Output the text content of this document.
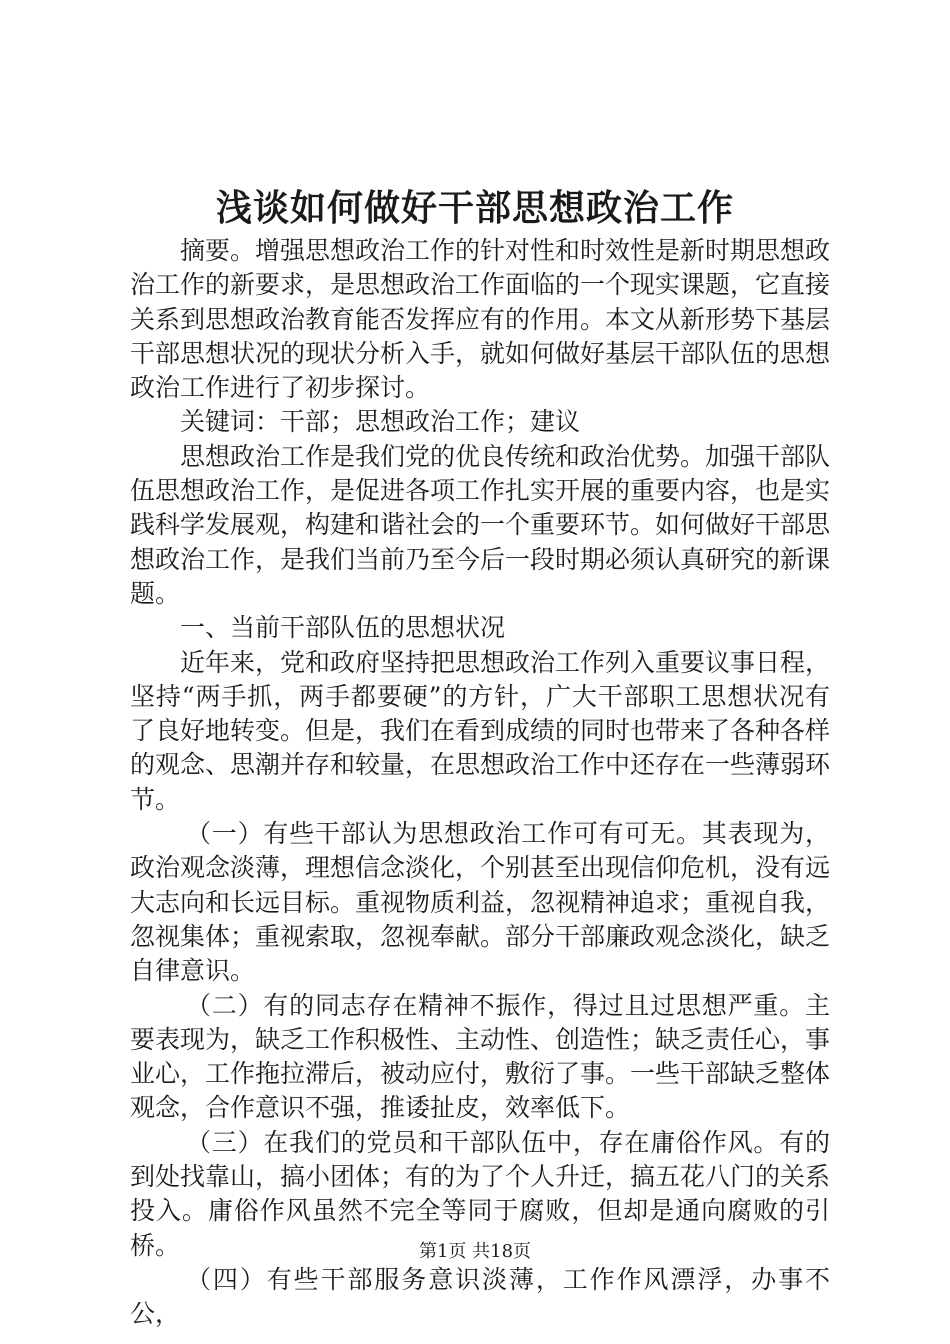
浅谈如何做好干部思想政治工作

摘要。增强思想政治工作的针对性和时效性是新时期思想政治工作的新要求，是思想政治工作面临的一个现实课题，它直接关系到思想政治教育能否发挥应有的作用。本文从新形势下基层干部思想状况的现状分析入手，就如何做好基层干部队伍的思想政治工作进行了初步探讨。

关键词：干部；思想政治工作；建议

思想政治工作是我们党的优良传统和政治优势。加强干部队伍思想政治工作，是促进各项工作扎实开展的重要内容，也是实践科学发展观，构建和谐社会的一个重要环节。如何做好干部思想政治工作，是我们当前乃至今后一段时期必须认真研究的新课题。

一、当前干部队伍的思想状况

近年来，党和政府坚持把思想政治工作列入重要议事日程，坚持“两手抓，两手都要硬”的方针，广大干部职工思想状况有了良好地转变。但是，我们在看到成绩的同时也带来了各种各样的观念、思潮并存和较量，在思想政治工作中还存在一些薄弱环节。

（一）有些干部认为思想政治工作可有可无。其表现为，政治观念淡薄，理想信念淡化，个别甚至出现信仰危机，没有远大志向和长远目标。重视物质利益，忽视精神追求；重视自我，忽视集体；重视索取，忽视奉献。部分干部廉政观念淡化，缺乏自律意识。

（二）有的同志存在精神不振作，得过且过思想严重。主要表现为，缺乏工作积极性、主动性、创造性；缺乏责任心，事业心，工作拖拉滞后，被动应付，敷衍了事。一些干部缺乏整体观念，合作意识不强，推诿扯皮，效率低下。

（三）在我们的党员和干部队伍中，存在庸俗作风。有的到处找靠山，搞小团体；有的为了个人升迁，搞五花八门的关系投入。庸俗作风虽然不完全等同于腐败，但却是通向腐败的引桥。

（四）有些干部服务意识淡薄，工作作风漂浮，办事不公，

第1页 共18页
